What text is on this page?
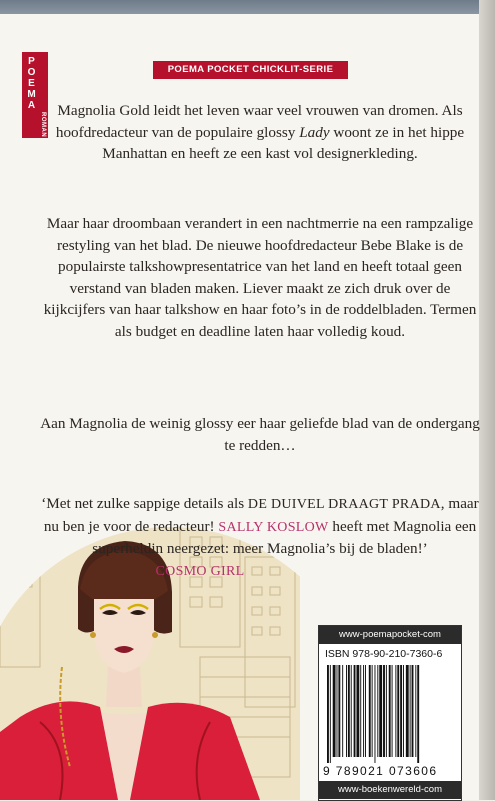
P
O
E
M
A
ROMAN
POEMA POCKET CHICKLIT-SERIE

Magnolia Gold leidt het leven waar veel vrouwen van dromen. Als hoofdredacteur van de populaire glossy Lady woont ze in het hippe Manhattan en heeft ze een kast vol designerkleding.

Maar haar droombaan verandert in een nachtmerrie na een rampzalige restyling van het blad. De nieuwe hoofdredacteur Bebe Blake is de populairste talkshowpresentatrice van het land en heeft totaal geen verstand van bladen maken. Liever maakt ze zich druk over de kijkcijfers van haar talkshow en haar foto’s in de roddelbladen. Termen als budget en deadline laten haar volledig koud.

Aan Magnolia de weinig glossy eer haar geliefde blad van de ondergang te redden…

‘Met net zulke sappige details als DE DUIVEL DRAAGT PRADA, maar nu ben je voor de redacteur! SALLY KOSLOW heeft met Magnolia een superheldin neergezet: meer Magnolia’s bij de bladen!’
COSMO GIRL
www-poemapocket-com
ISBN 978-90-210-7360-6
9 789021 073606
www-boekenwereld-com
